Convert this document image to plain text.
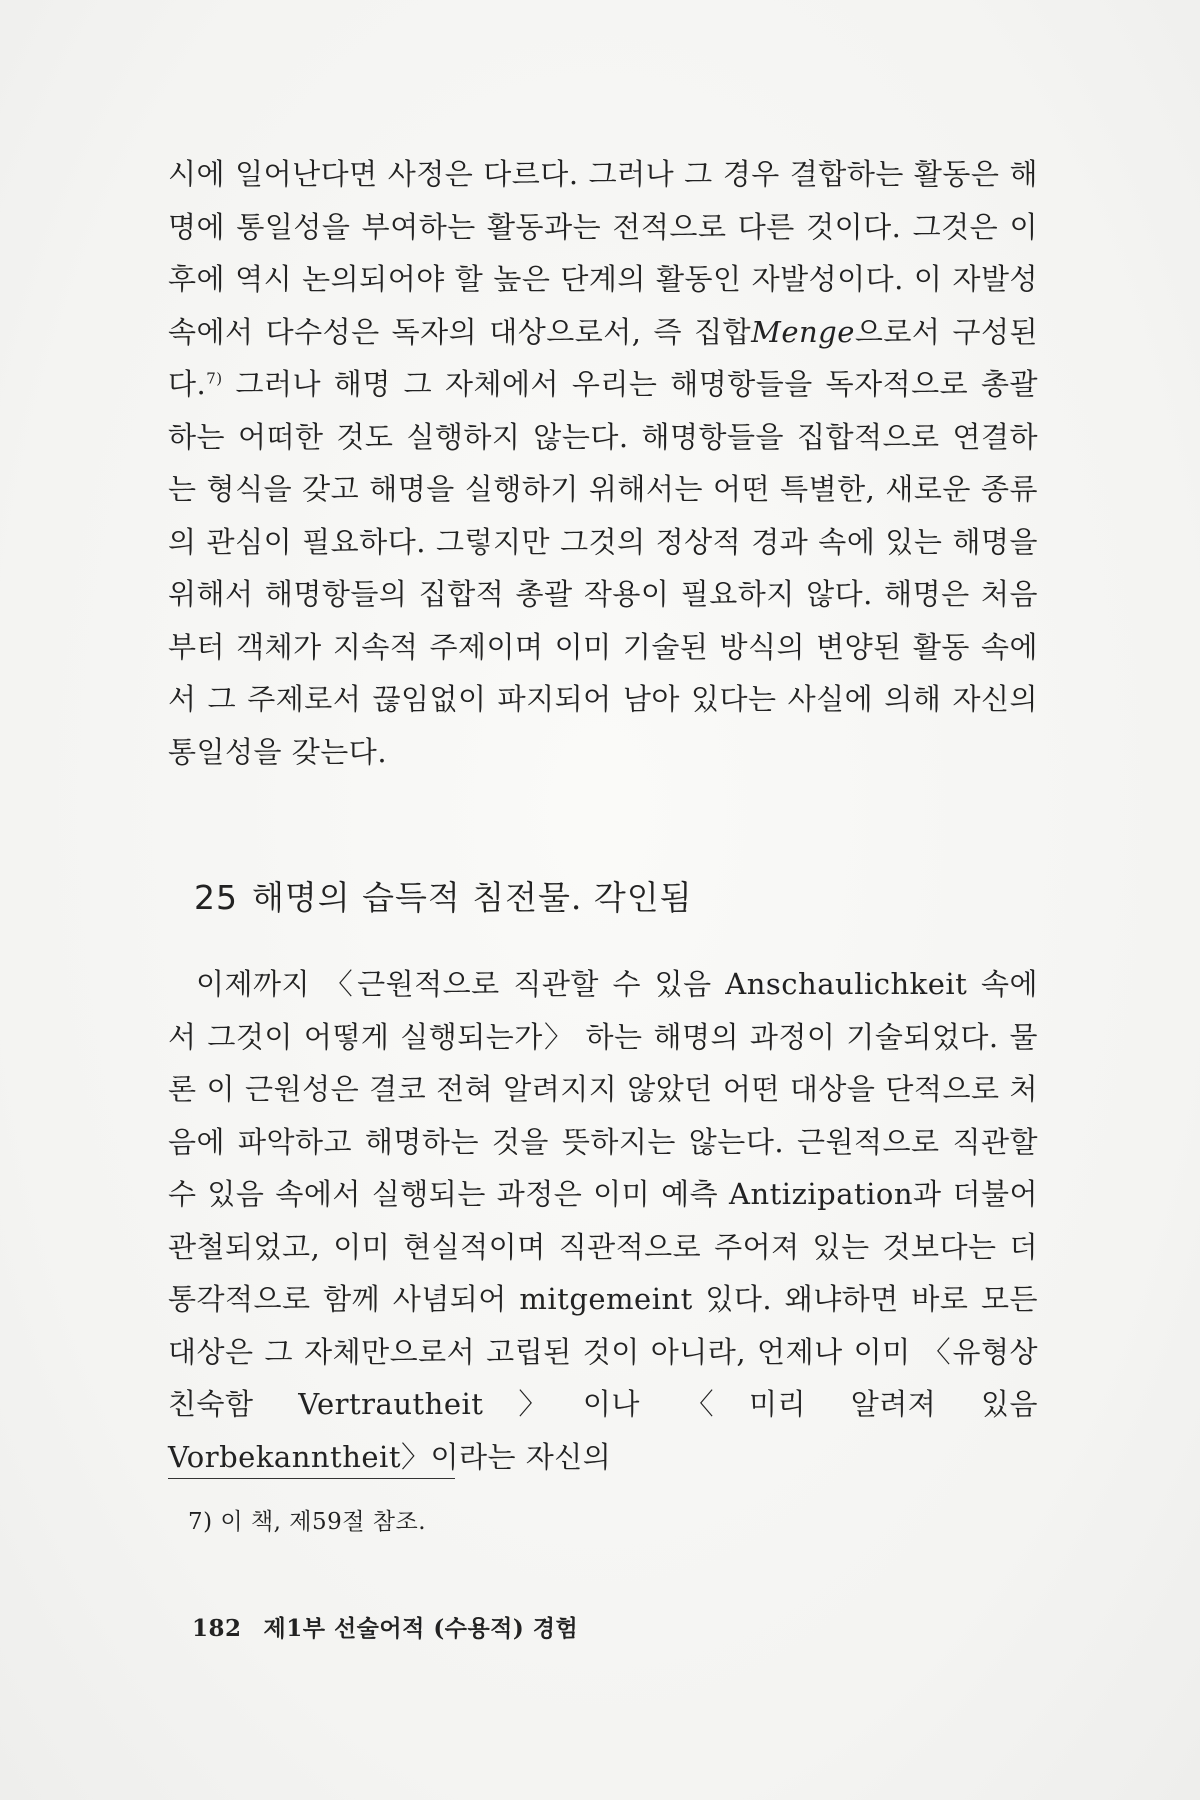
시에 일어난다면 사정은 다르다. 그러나 그 경우 결합하는 활동은 해명에 통일성을 부여하는 활동과는 전적으로 다른 것이다. 그것은 이후에 역시 논의되어야 할 높은 단계의 활동인 자발성이다. 이 자발성 속에서 다수성은 독자의 대상으로서, 즉 집합Menge으로서 구성된다.$^{7)}$ 그러나 해명 그 자체에서 우리는 해명항들을 독자적으로 총괄하는 어떠한 것도 실행하지 않는다. 해명항들을 집합적으로 연결하는 형식을 갖고 해명을 실행하기 위해서는 어떤 특별한, 새로운 종류의 관심이 필요하다. 그렇지만 그것의 정상적 경과 속에 있는 해명을 위해서 해명항들의 집합적 총괄 작용이 필요하지 않다. 해명은 처음부터 객체가 지속적 주제이며 이미 기술된 방식의 변양된 활동 속에서 그 주제로서 끊임없이 파지되어 남아 있다는 사실에 의해 자신의 통일성을 갖는다.

25 해명의 습득적 침전물. 각인됨

이제까지 〈근원적으로 직관할 수 있음 Anschaulichkeit 속에서 그것이 어떻게 실행되는가〉 하는 해명의 과정이 기술되었다. 물론 이 근원성은 결코 전혀 알려지지 않았던 어떤 대상을 단적으로 처음에 파악하고 해명하는 것을 뜻하지는 않는다. 근원적으로 직관할 수 있음 속에서 실행되는 과정은 이미 예측 Antizipation과 더불어 관철되었고, 이미 현실적이며 직관적으로 주어져 있는 것보다는 더 통각적으로 함께 사념되어 mitgemeint 있다. 왜냐하면 바로 모든 대상은 그 자체만으로서 고립된 것이 아니라, 언제나 이미 〈유형상 친숙함 Vertrautheit〉이나 〈미리 알려져 있음 Vorbekanntheit〉이라는 자신의

7) 이 책, 제59절 참조.

182 제1부 선술어적 (수용적) 경험
